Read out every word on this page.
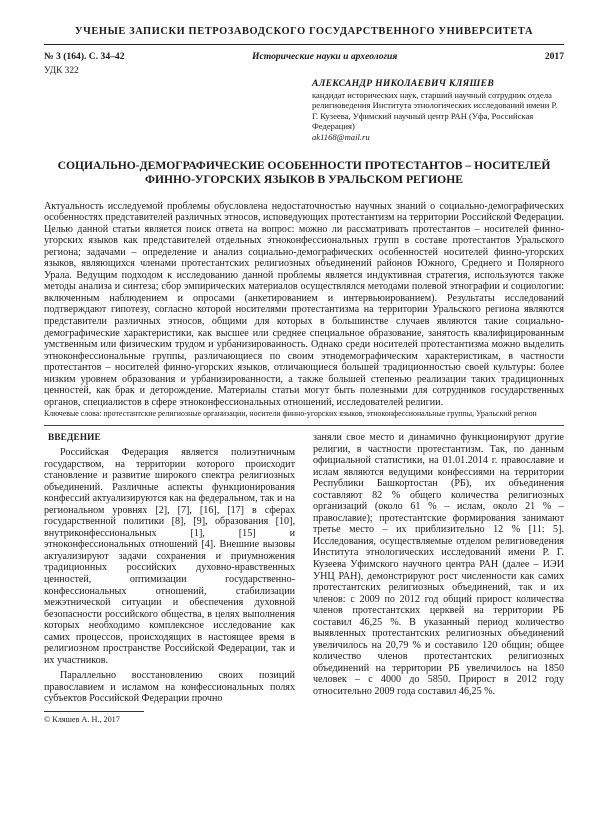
УЧЕНЫЕ ЗАПИСКИ ПЕТРОЗАВОДСКОГО ГОСУДАРСТВЕННОГО УНИВЕРСИТЕТА

№ 3 (164). С. 34–42	Исторические науки и археология	2017
УДК 322
АЛЕКСАНДР НИКОЛАЕВИЧ КЛЯШЕВ
кандидат исторических наук, старший научный сотрудник отдела религиоведения Института этнологических исследований имени Р. Г. Кузеева, Уфимский научный центр РАН (Уфа, Российская Федерация)
ak1168@mail.ru
СОЦИАЛЬНО-ДЕМОГРАФИЧЕСКИЕ ОСОБЕННОСТИ ПРОТЕСТАНТОВ – НОСИТЕЛЕЙ ФИННО-УГОРСКИХ ЯЗЫКОВ В УРАЛЬСКОМ РЕГИОНЕ

Актуальность исследуемой проблемы обусловлена недостаточностью научных знаний о социально-демографических особенностях представителей различных этносов, исповедующих протестантизм на территории Российской Федерации. Целью данной статьи является поиск ответа на вопрос: можно ли рассматривать протестантов – носителей финно-угорских языков как представителей отдельных этноконфессиональных групп в составе протестантов Уральского региона; задачами – определение и анализ социально-демографических особенностей носителей финно-угорских языков, являющихся членами протестантских религиозных объединений районов Южного, Среднего и Полярного Урала. Ведущим подходом к исследованию данной проблемы является индуктивная стратегия, используются также методы анализа и синтеза; сбор эмпирических материалов осуществлялся методами полевой этнографии и социологии: включенным наблюдением и опросами (анкетированием и интервьюированием). Результаты исследований подтверждают гипотезу, согласно которой носителями протестантизма на территории Уральского региона являются представители различных этносов, общими для которых в большинстве случаев являются такие социально-демографические характеристики, как высшее или среднее специальное образование, занятость квалифицированным умственным или физическим трудом и урбанизированность. Однако среди носителей протестантизма можно выделить этноконфессиональные группы, различающиеся по своим этнодемографическим характеристикам, в частности протестантов – носителей финно-угорских языков, отличающиеся большей традиционностью своей культуры: более низким уровнем образования и урбанизированности, а также большей степенью реализации таких традиционных ценностей, как брак и деторождение. Материалы статьи могут быть полезными для сотрудников государственных органов, специалистов в сфере этноконфессиональных отношений, исследователей религии.

Ключевые слова: протестантские религиозные организации, носители финно-угорских языков, этноконфессиональные группы, Уральский регион
ВВЕДЕНИЕ

Российская Федерация является полиэтничным государством, на территории которого происходит становление и развитие широкого спектра религиозных объединений. Различные аспекты функционирования конфессий актуализируются как на федеральном, так и на региональном уровнях [2], [7], [16], [17] в сферах государственной политики [8], [9], образования [10], внутриконфессиональных [1], [15] и этноконфессиональных отношений [4]. Внешние вызовы актуализируют задачи сохранения и приумножения традиционных российских духовно-нравственных ценностей, оптимизации государственно-конфессиональных отношений, стабилизации межэтнической ситуации и обеспечения духовной безопасности российского общества, в целях выполнения которых необходимо комплексное исследование как самих процессов, происходящих в настоящее время в религиозном пространстве Российской Федерации, так и их участников.

Параллельно восстановлению своих позиций православием и исламом на конфессиональных полях субъектов Российской Федерации прочно

© Кляшев А. Н., 2017

заняли свое место и динамично функционируют другие религии, в частности протестантизм. Так, по данным официальной статистики, на 01.01.2014 г. православие и ислам являются ведущими конфессиями на территории Республики Башкортостан (РБ), их объединения составляют 82 % общего количества религиозных организаций (около 61 % – ислам, около 21 % – православие); протестантские формирования занимают третье место – их приблизительно 12 % [11: 5]. Исследования, осуществляемые отделом религиоведения Института этнологических исследований имени Р. Г. Кузеева Уфимского научного центра РАН (далее – ИЭИ УНЦ РАН), демонстрируют рост численности как самих протестантских религиозных объединений, так и их членов: с 2009 по 2012 год общий прирост количества членов протестантских церквей на территории РБ составил 46,25 %. В указанный период количество выявленных протестантских религиозных объединений увеличилось на 20,79 % и составило 120 общин; общее количество членов протестантских религиозных объединений на территории РБ увеличилось на 1850 человек – с 4000 до 5850. Прирост в 2012 году относительно 2009 года составил 46,25 %.
